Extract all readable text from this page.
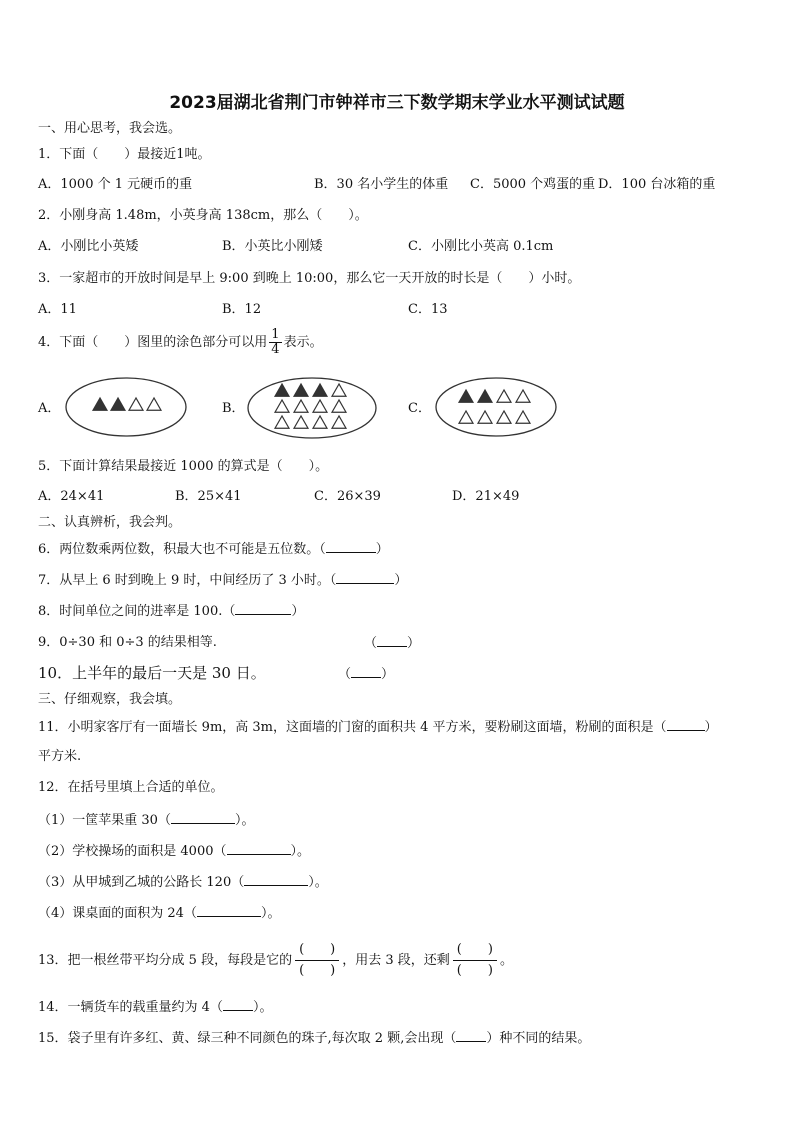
2023届湖北省荆门市钟祥市三下数学期末学业水平测试试题
一、用心思考，我会选。
1．下面（　　）最接近1吨。
A．1000 个 1 元硬币的重	B．30 名小学生的体重 C．5000 个鸡蛋的重 D．100 台冰箱的重
2．小刚身高 1.48m，小英身高 138cm，那么（　　）。
A．小刚比小英矮	B．小英比小刚矮	C．小刚比小英高 0.1cm
3．一家超市的开放时间是早上 9:00 到晚上 10:00，那么它一天开放的时长是（　　）小时。
A．11	B．12	C．13
4．下面（　　）图里的涂色部分可以用 $\frac{1}{4}$ 表示。
A．	B．	C．
5．下面计算结果最接近 1000 的算式是（　　）。
A．24×41	B．25×41	C．26×39	D．21×49
二、认真辨析，我会判。
6．两位数乘两位数，积最大也不可能是五位数。（	）
7．从早上 6 时到晚上 9 时，中间经历了 3 小时。（	）
8．时间单位之间的进率是 100.（	）
9．0÷30 和 0÷3 的结果相等.	（ ）
10．上半年的最后一天是 30 日。	（ ）
三、仔细观察，我会填。
11．小明家客厅有一面墙长 9m，高 3m，这面墙的门窗的面积共 4 平方米，要粉刷这面墙，粉刷的面积是（	）
平方米.
12．在括号里填上合适的单位。
（1）一筐苹果重 30（	）。
（2）学校操场的面积是 4000（	）。
（3）从甲城到乙城的公路长 120（	）。
（4）课桌面的面积为 24（	）。
13．把一根丝带平均分成 5 段，每段是它的 $\frac{( )}{( )}$ ，用去 3 段，还剩 $\frac{( )}{( )}$ 。
14．一辆货车的载重量约为 4（ ）。
15．袋子里有许多红、黄、绿三种不同颜色的珠子,每次取 2 颗,会出现（ ）种不同的结果。
